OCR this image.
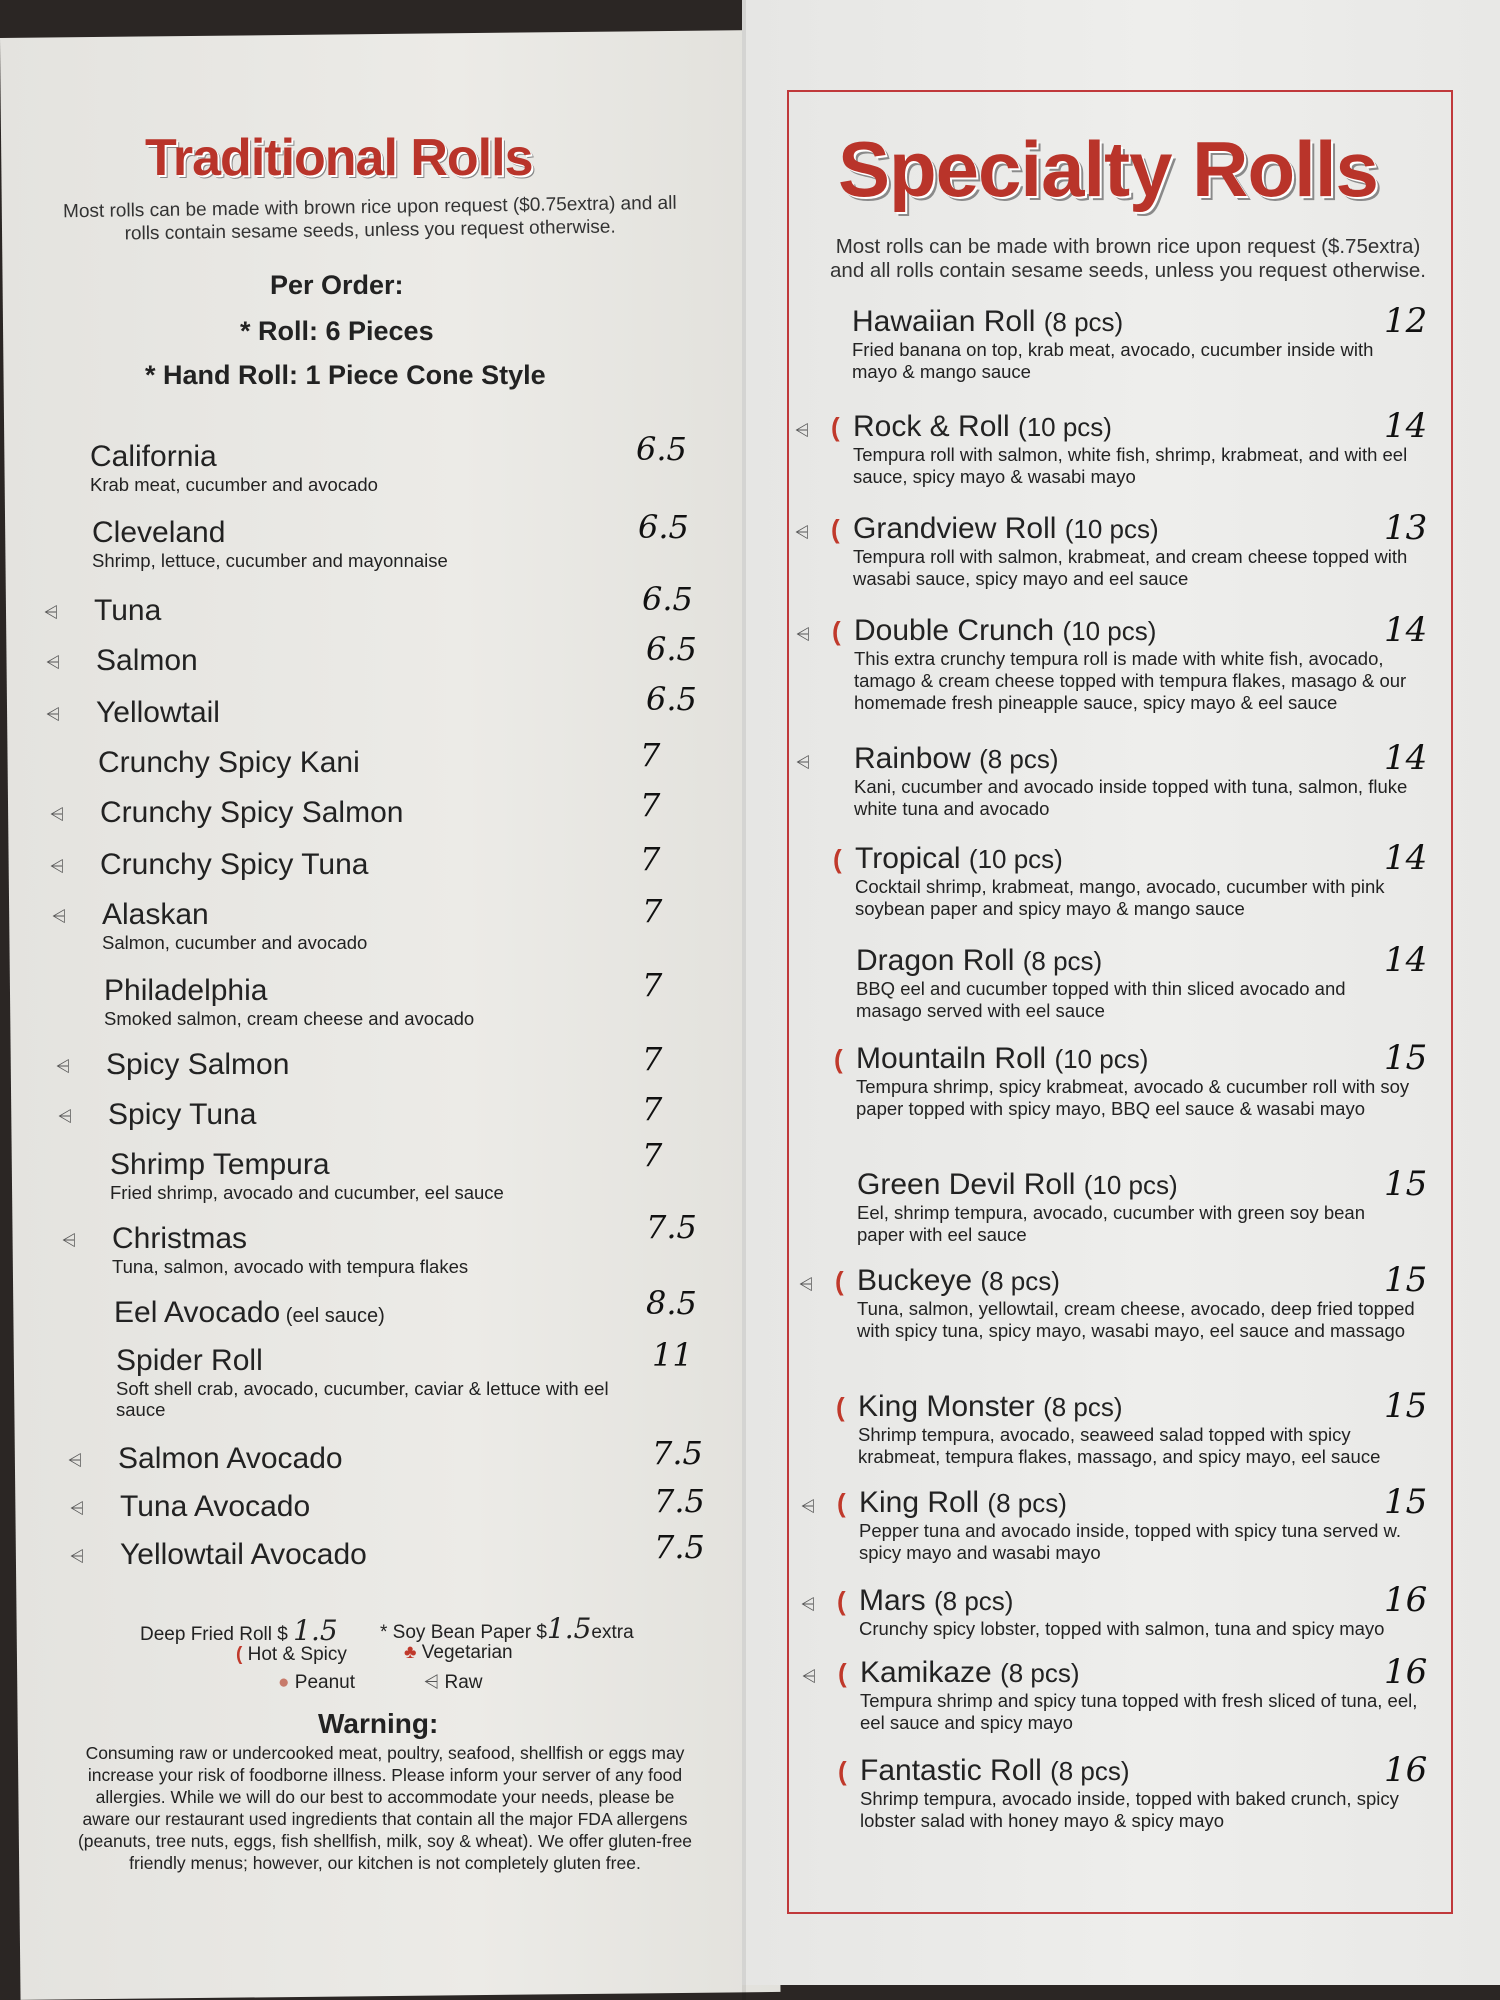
Traditional Rolls
Most rolls can be made with brown rice upon request ($0.75extra) and all rolls contain sesame seeds, unless you request otherwise.
Per Order:
* Roll: 6 Pieces
* Hand Roll: 1 Piece Cone Style
California
Krab meat, cucumber and avocado
6.5
Cleveland
Shrimp, lettuce, cucumber and mayonnaise
6.5
Tuna
⩤	6.5
Salmon
⩤	6.5
Yellowtail
⩤	6.5
Crunchy Spicy Kani	7
Crunchy Spicy Salmon
⩤	7
Crunchy Spicy Tuna
⩤	7
Alaskan
Salmon, cucumber and avocado
⩤	7
Philadelphia
Smoked salmon, cream cheese and avocado
7
Spicy Salmon
⩤	7
Spicy Tuna
⩤	7
Shrimp Tempura
Fried shrimp, avocado and cucumber, eel sauce
7
Christmas
Tuna, salmon, avocado with tempura flakes
⩤	7.5
Eel Avocado (eel sauce)	8.5
Spider Roll
Soft shell crab, avocado, cucumber, caviar & lettuce with eel sauce
11
Salmon Avocado
⩤	7.5
Tuna Avocado
⩤	7.5
Yellowtail Avocado
⩤	7.5
Deep Fried Roll $ 1.5 * Soy Bean Paper $1.5extra
( Hot & Spicy	♣ Vegetarian
● Peanut	⩤ Raw
Warning:
Consuming raw or undercooked meat, poultry, seafood, shellfish or eggs may increase your risk of foodborne illness. Please inform your server of any food allergies. While we will do our best to accommodate your needs, please be aware our restaurant used ingredients that contain all the major FDA allergens (peanuts, tree nuts, eggs, fish shellfish, milk, soy & wheat). We offer gluten-free friendly menus; however, our kitchen is not completely gluten free.
Specialty Rolls
Most rolls can be made with brown rice upon request ($.75extra) and all rolls contain sesame seeds, unless you request otherwise.
Hawaiian Roll (8 pcs)
Fried banana on top, krab meat, avocado, cucumber inside with mayo & mango sauce
12
Rock & Roll (10 pcs)
Tempura roll with salmon, white fish, shrimp, krabmeat, and with eel sauce, spicy mayo & wasabi mayo
⩤ (	14
Grandview Roll (10 pcs)
Tempura roll with salmon, krabmeat, and cream cheese topped with wasabi sauce, spicy mayo and eel sauce
⩤ (	13
Double Crunch (10 pcs)
This extra crunchy tempura roll is made with white fish, avocado, tamago & cream cheese topped with tempura flakes, masago & our homemade fresh pineapple sauce, spicy mayo & eel sauce
⩤ (	14
Rainbow (8 pcs)
Kani, cucumber and avocado inside topped with tuna, salmon, fluke white tuna and avocado
⩤	14
Tropical (10 pcs)
Cocktail shrimp, krabmeat, mango, avocado, cucumber with pink soybean paper and spicy mayo & mango sauce
(	14
Dragon Roll (8 pcs)
BBQ eel and cucumber topped with thin sliced avocado and masago served with eel sauce
14
Mountailn Roll (10 pcs)
Tempura shrimp, spicy krabmeat, avocado & cucumber roll with soy paper topped with spicy mayo, BBQ eel sauce & wasabi mayo
(	15
Green Devil Roll (10 pcs)
Eel, shrimp tempura, avocado, cucumber with green soy bean paper with eel sauce
15
Buckeye (8 pcs)
Tuna, salmon, yellowtail, cream cheese, avocado, deep fried topped with spicy tuna, spicy mayo, wasabi mayo, eel sauce and massago
⩤ (	15
King Monster (8 pcs)
Shrimp tempura, avocado, seaweed salad topped with spicy krabmeat, tempura flakes, massago, and spicy mayo, eel sauce
(	15
King Roll (8 pcs)
Pepper tuna and avocado inside, topped with spicy tuna served w. spicy mayo and wasabi mayo
⩤ (	15
Mars (8 pcs)
Crunchy spicy lobster, topped with salmon, tuna and spicy mayo
⩤ (	16
Kamikaze (8 pcs)
Tempura shrimp and spicy tuna topped with fresh sliced of tuna, eel, eel sauce and spicy mayo
⩤ (	16
Fantastic Roll (8 pcs)
Shrimp tempura, avocado inside, topped with baked crunch, spicy lobster salad with honey mayo & spicy mayo
(	16
